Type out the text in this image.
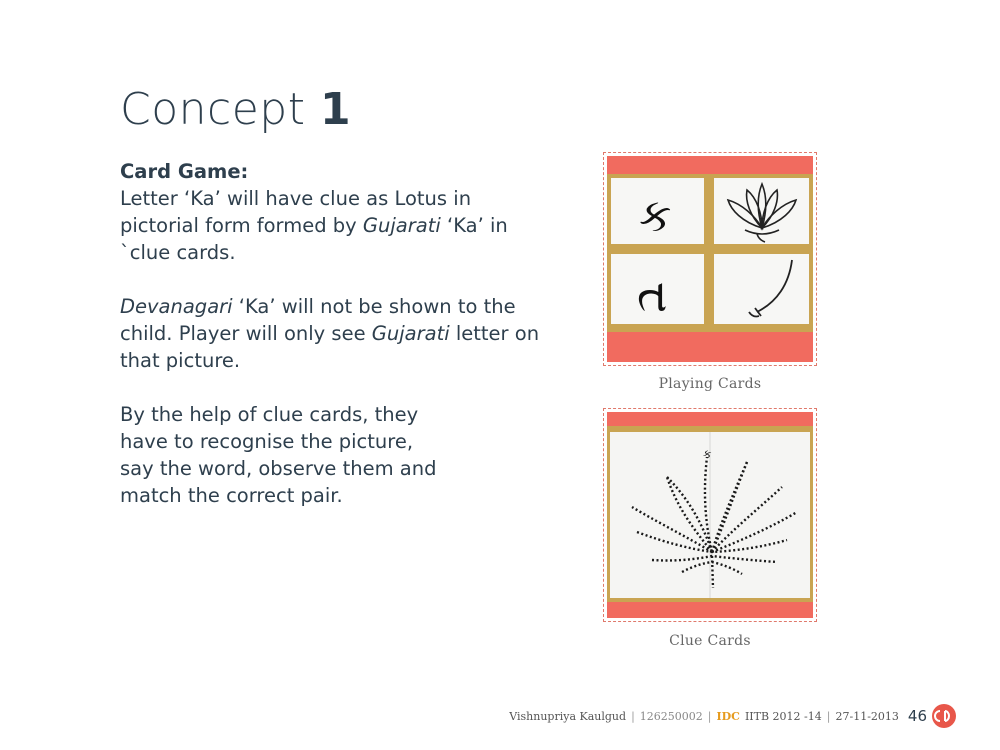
Concept 1

Card Game:
Letter ‘Ka’ will have clue as Lotus in pictorial form formed by Gujarati ‘Ka’ in `clue cards.

Devanagari ‘Ka’ will not be shown to the child. Player will only see Gujarati letter on that picture.

By the help of clue cards, they
have to recognise the picture,
say the word, observe them and
match the correct pair.

ક
ત
Playing Cards
ક
Clue Cards
Vishnupriya Kaulgud | 126250002 | IDC IITB 2012 -14 | 27-11-2013 46
